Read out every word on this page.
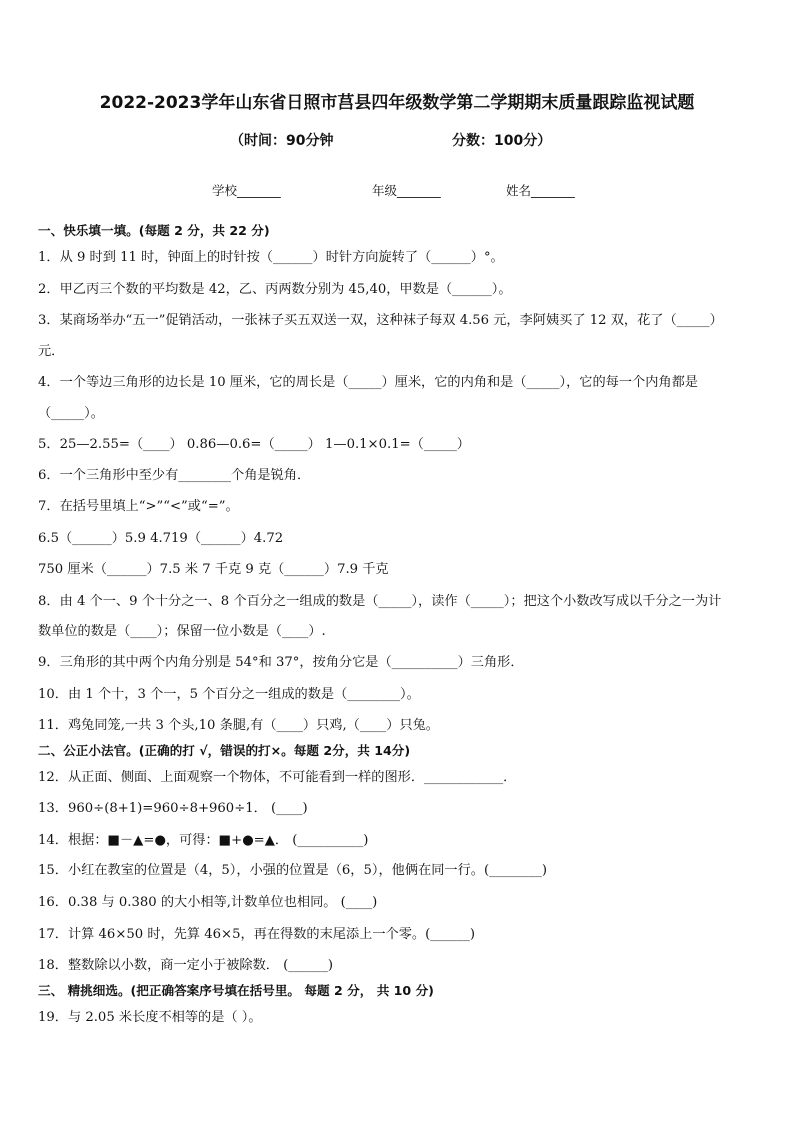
2022-2023学年山东省日照市莒县四年级数学第二学期期末质量跟踪监视试题
（时间：90分钟	分数：100分）
学校_______	年级_______	姓名_______
一、快乐填一填。(每题 2 分，共 22 分)
1．从 9 时到 11 时，钟面上的时针按（______）时针方向旋转了（______）°。
2．甲乙丙三个数的平均数是 42，乙、丙两数分别为 45,40，甲数是（______）。
3．某商场举办“五一”促销活动，一张袜子买五双送一双，这种袜子每双 4.56 元，李阿姨买了 12 双，花了（_____）
元．
4．一个等边三角形的边长是 10 厘米，它的周长是（_____）厘米，它的内角和是（_____），它的每一个内角都是
（_____）。
5．25—2.55=（____） 0.86—0.6=（_____） 1—0.1×0.1=（_____）
6．一个三角形中至少有________个角是锐角．
7．在括号里填上“>”“<”或“=”。
6.5（______）5.9 4.719（______）4.72
750 厘米（______）7.5 米 7 千克 9 克（______）7.9 千克
8．由 4 个一、9 个十分之一、8 个百分之一组成的数是（_____），读作（_____）；把这个小数改写成以千分之一为计
数单位的数是（____）；保留一位小数是（____）.
9．三角形的其中两个内角分别是 54°和 37°，按角分它是（__________）三角形．
10．由 1 个十，3 个一，5 个百分之一组成的数是（________）。
11．鸡兔同笼,一共 3 个头,10 条腿,有（____）只鸡,（____）只兔。
二、公正小法官。(正确的打 √，错误的打×。每题 2分，共 14分)
12．从正面、侧面、上面观察一个物体，不可能看到一样的图形．____________．
13．960÷(8+1)=960÷8+960÷1． (____)
14．根据：■－▲=●，可得：■+●=▲． (__________)
15．小红在教室的位置是（4，5），小强的位置是（6，5），他俩在同一行。(________)
16．0.38 与 0.380 的大小相等,计数单位也相同。 (____)
17．计算 46×50 时，先算 46×5，再在得数的末尾添上一个零。(______)
18．整数除以小数，商一定小于被除数． (______)
三、 精挑细选。(把正确答案序号填在括号里。 每题 2 分， 共 10 分)
19．与 2.05 米长度不相等的是（ ）。
